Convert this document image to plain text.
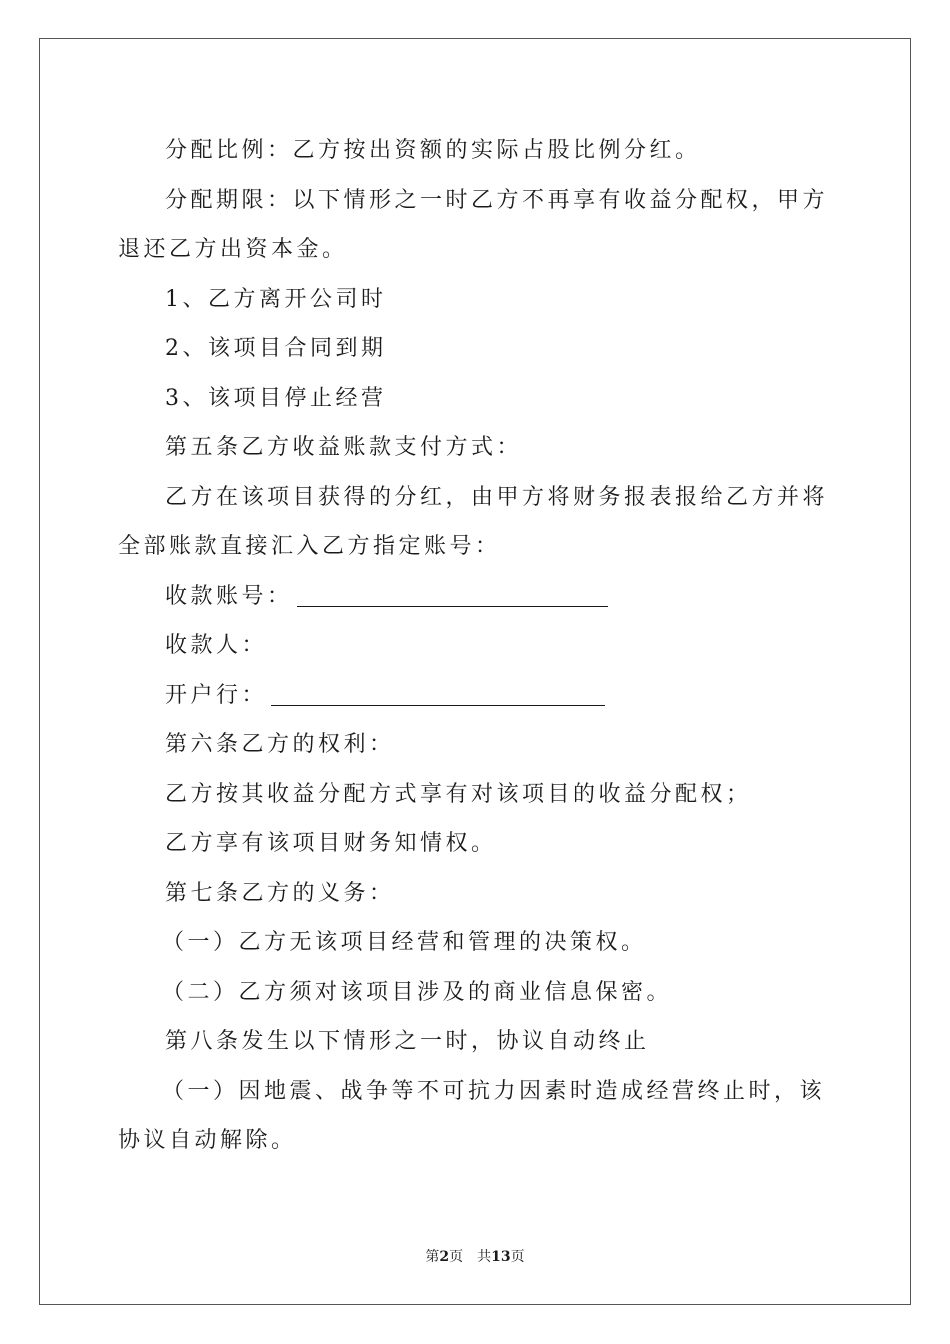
分配比例：乙方按出资额的实际占股比例分红。

分配期限：以下情形之一时乙方不再享有收益分配权，甲方退还乙方出资本金。

1、乙方离开公司时

2、该项目合同到期

3、该项目停止经营

第五条乙方收益账款支付方式：

乙方在该项目获得的分红，由甲方将财务报表报给乙方并将全部账款直接汇入乙方指定账号：

收款账号：

收款人：

开户行：

第六条乙方的权利：

乙方按其收益分配方式享有对该项目的收益分配权；

乙方享有该项目财务知情权。

第七条乙方的义务：

（一）乙方无该项目经营和管理的决策权。

（二）乙方须对该项目涉及的商业信息保密。

第八条发生以下情形之一时，协议自动终止

（一）因地震、战争等不可抗力因素时造成经营终止时，该协议自动解除。

第2页 共13页
